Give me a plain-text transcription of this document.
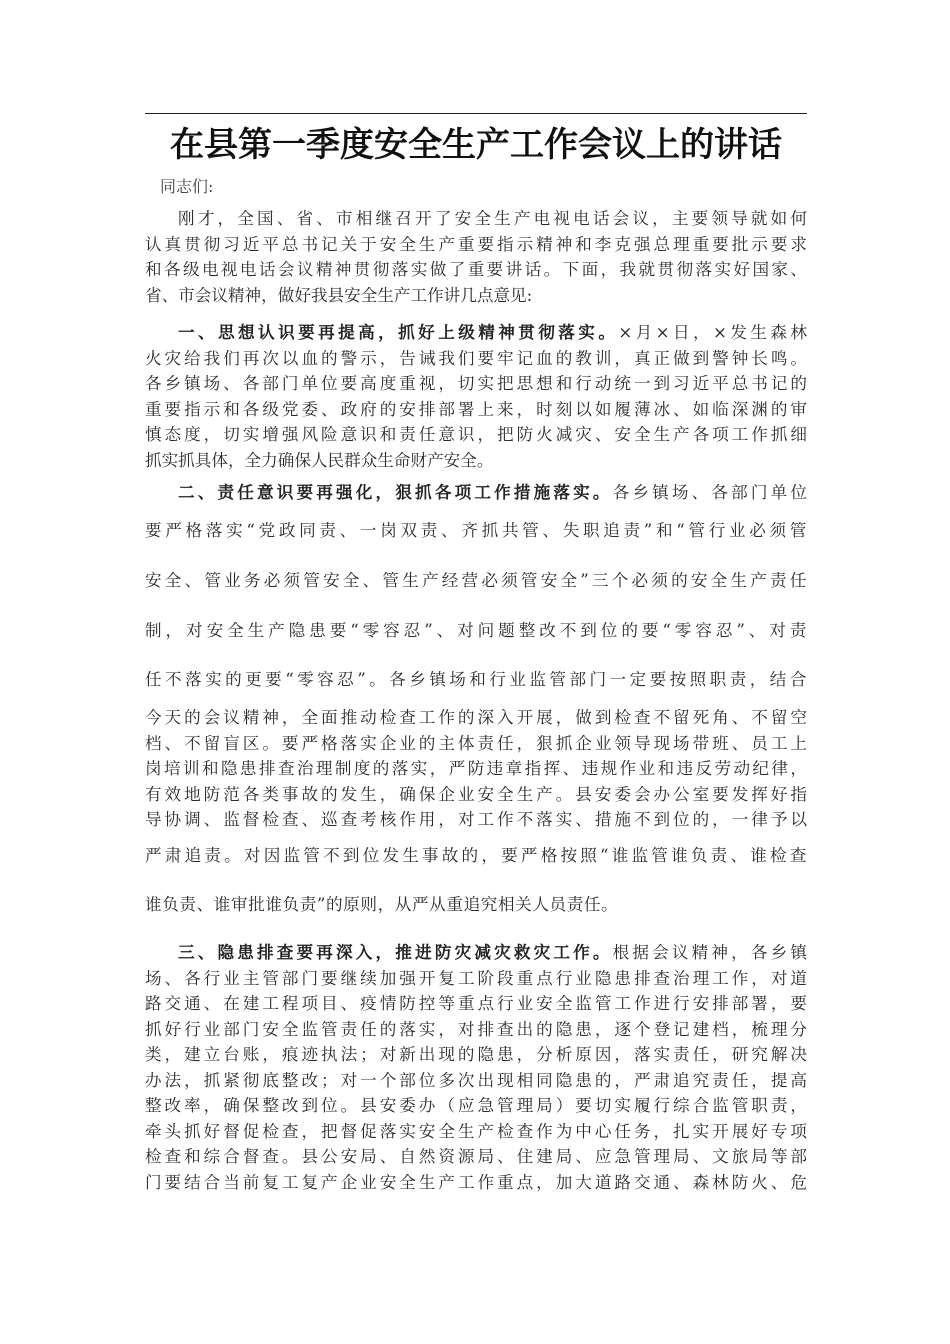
在县第一季度安全生产工作会议上的讲话
同志们:
刚才，全国、省、市相继召开了安全生产电视电话会议，主要领导就如何
认真贯彻习近平总书记关于安全生产重要指示精神和李克强总理重要批示要求
和各级电视电话会议精神贯彻落实做了重要讲话。下面，我就贯彻落实好国家、
省、市会议精神，做好我县安全生产工作讲几点意见:
一、思想认识要再提高，抓好上级精神贯彻落实。×月×日，×发生森林
火灾给我们再次以血的警示，告诫我们要牢记血的教训，真正做到警钟长鸣。
各乡镇场、各部门单位要高度重视，切实把思想和行动统一到习近平总书记的
重要指示和各级党委、政府的安排部署上来，时刻以如履薄冰、如临深渊的审
慎态度，切实增强风险意识和责任意识，把防火减灾、安全生产各项工作抓细
抓实抓具体，全力确保人民群众生命财产安全。
二、责任意识要再强化，狠抓各项工作措施落实。各乡镇场、各部门单位
要严格落实“党政同责、一岗双责、齐抓共管、失职追责”和“管行业必须管
安全、管业务必须管安全、管生产经营必须管安全”三个必须的安全生产责任
制，对安全生产隐患要“零容忍”、对问题整改不到位的要“零容忍”、对责
任不落实的更要“零容忍”。各乡镇场和行业监管部门一定要按照职责，结合
今天的会议精神，全面推动检查工作的深入开展，做到检查不留死角、不留空
档、不留盲区。要严格落实企业的主体责任，狠抓企业领导现场带班、员工上
岗培训和隐患排查治理制度的落实，严防违章指挥、违规作业和违反劳动纪律，
有效地防范各类事故的发生，确保企业安全生产。县安委会办公室要发挥好指
导协调、监督检查、巡查考核作用，对工作不落实、措施不到位的，一律予以
严肃追责。对因监管不到位发生事故的，要严格按照“谁监管谁负责、谁检查
谁负责、谁审批谁负责”的原则，从严从重追究相关人员责任。
三、隐患排查要再深入，推进防灾减灾救灾工作。根据会议精神，各乡镇
场、各行业主管部门要继续加强开复工阶段重点行业隐患排查治理工作，对道
路交通、在建工程项目、疫情防控等重点行业安全监管工作进行安排部署，要
抓好行业部门安全监管责任的落实，对排查出的隐患，逐个登记建档，梳理分
类，建立台账，痕迹执法；对新出现的隐患，分析原因，落实责任，研究解决
办法，抓紧彻底整改；对一个部位多次出现相同隐患的，严肃追究责任，提高
整改率，确保整改到位。县安委办（应急管理局）要切实履行综合监管职责，
牵头抓好督促检查，把督促落实安全生产检查作为中心任务，扎实开展好专项
检查和综合督查。县公安局、自然资源局、住建局、应急管理局、文旅局等部
门要结合当前复工复产企业安全生产工作重点，加大道路交通、森林防火、危
